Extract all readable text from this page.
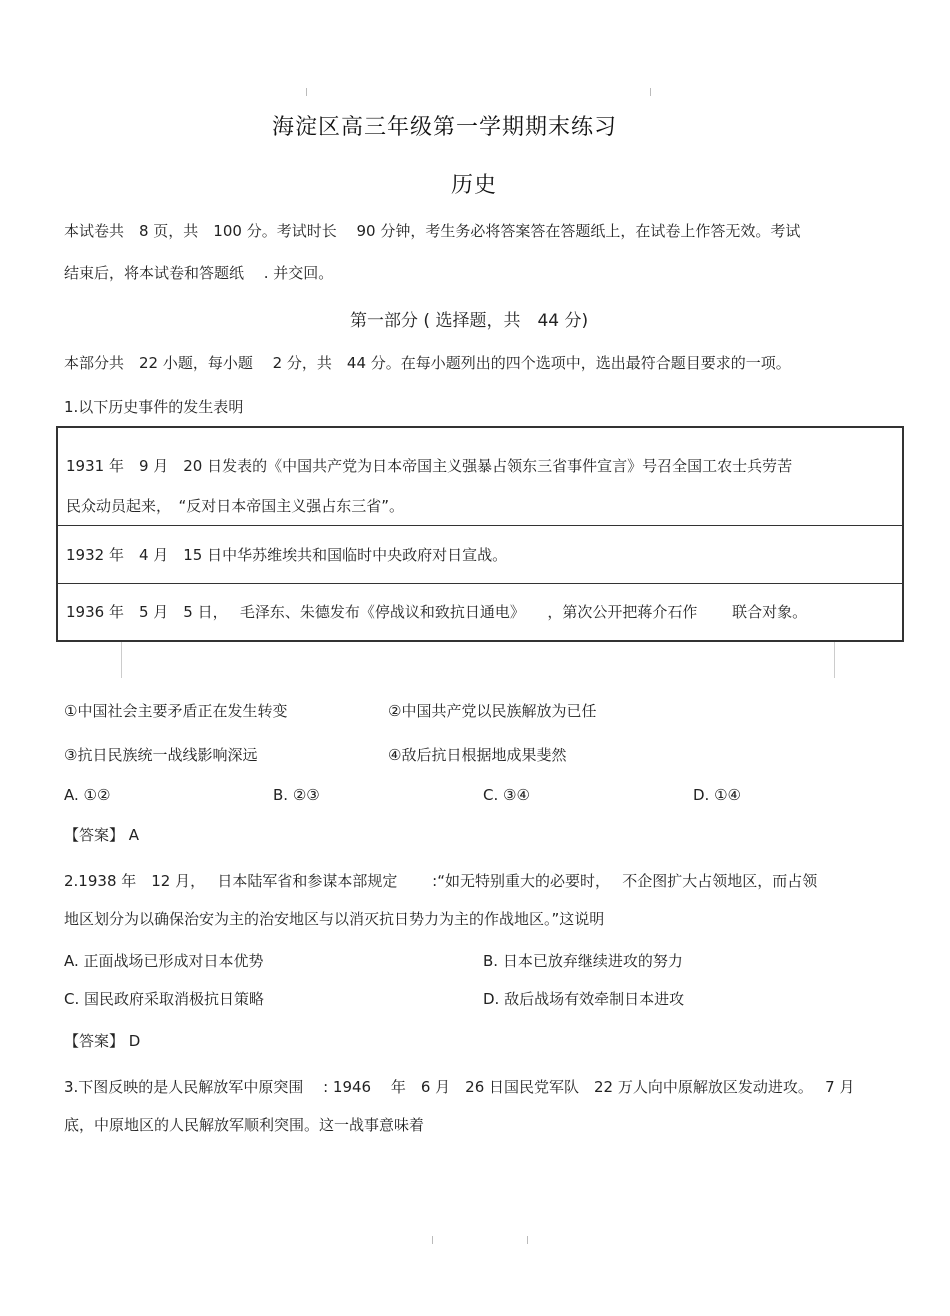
海淀区高三年级第一学期期末练习
历史
本试卷共　8 页，共　100 分。考试时长　 90 分钟，考生务必将答案答在答题纸上，在试卷上作答无效。考试
结束后，将本试卷和答题纸　 . 并交回。
第一部分 ( 选择题，共　44 分)
本部分共　22 小题，每小题　 2 分，共　44 分。在每小题列出的四个选项中，选出最符合题目要求的一项。
1.以下历史事件的发生表明
1931 年　9 月　20 日发表的《中国共产党为日本帝国主义强暴占领东三省事件宣言》号召全国工农士兵劳苦
民众动员起来，　“反对日本帝国主义强占东三省”。
1932 年　4 月　15 日中华苏维埃共和国临时中央政府对日宣战。
1936 年　5 月　5 日，　 毛泽东、朱德发布《停战议和致抗日通电》　　，第次公开把蒋介石作　　 联合对象。
①中国社会主要矛盾正在发生转变	②中国共产党以民族解放为已任
③抗日民族统一战线影响深远	④敌后抗日根据地成果斐然
A. ①②	B. ②③	C. ③④	D. ①④
【答案】 A
2.1938 年　12 月，　 日本陆军省和参谋本部规定　　 :“如无特别重大的必要时，　 不企图扩大占领地区，而占领
地区划分为以确保治安为主的治安地区与以消灭抗日势力为主的作战地区。”这说明
A. 正面战场已形成对日本优势	B. 日本已放弃继续进攻的努力
C. 国民政府采取消极抗日策略	D. 敌后战场有效牵制日本进攻
【答案】 D
3.下图反映的是人民解放军中原突围　 : 1946　 年　6 月　26 日国民党军队　22 万人向中原解放区发动进攻。　 7 月
底，中原地区的人民解放军顺利突围。这一战事意味着
